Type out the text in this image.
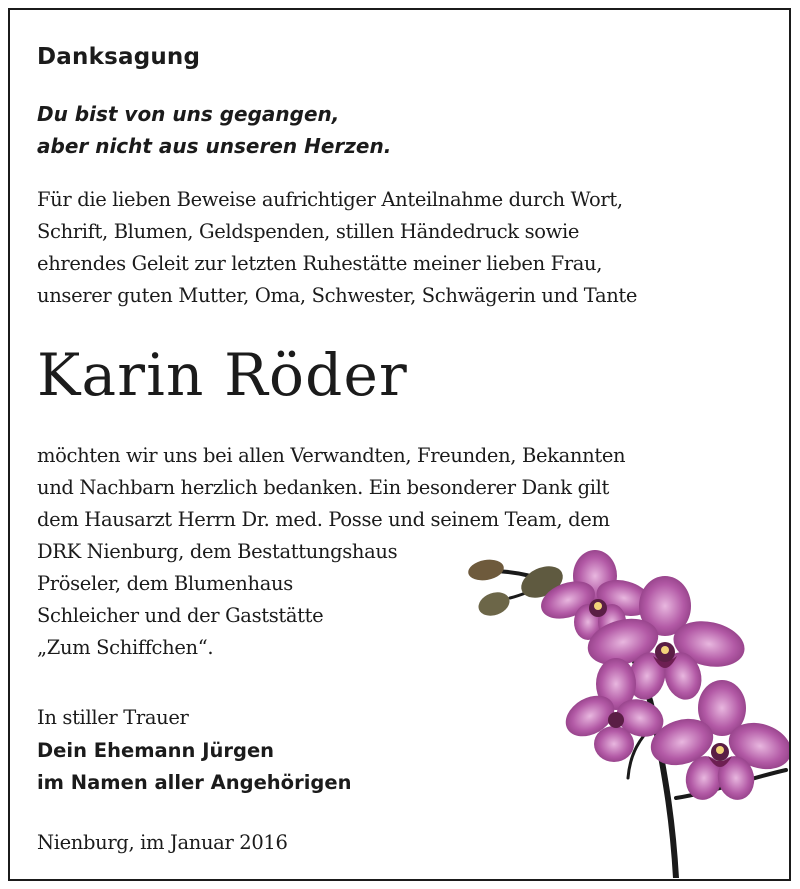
Danksagung
Du bist von uns gegangen,
aber nicht aus unseren Herzen.
Für die lieben Beweise aufrichtiger Anteilnahme durch Wort,
Schrift, Blumen, Geldspenden, stillen Händedruck sowie
ehrendes Geleit zur letzten Ruhestätte meiner lieben Frau,
unserer guten Mutter, Oma, Schwester, Schwägerin und Tante
Karin Röder
möchten wir uns bei allen Verwandten, Freunden, Bekannten
und Nachbarn herzlich bedanken. Ein besonderer Dank gilt
dem Hausarzt Herrn Dr. med. Posse und seinem Team, dem
DRK Nienburg, dem Bestattungshaus
Pröseler, dem Blumenhaus
Schleicher und der Gaststätte
„Zum Schiffchen“.
In stiller Trauer
Dein Ehemann Jürgen
im Namen aller Angehörigen
Nienburg, im Januar 2016
